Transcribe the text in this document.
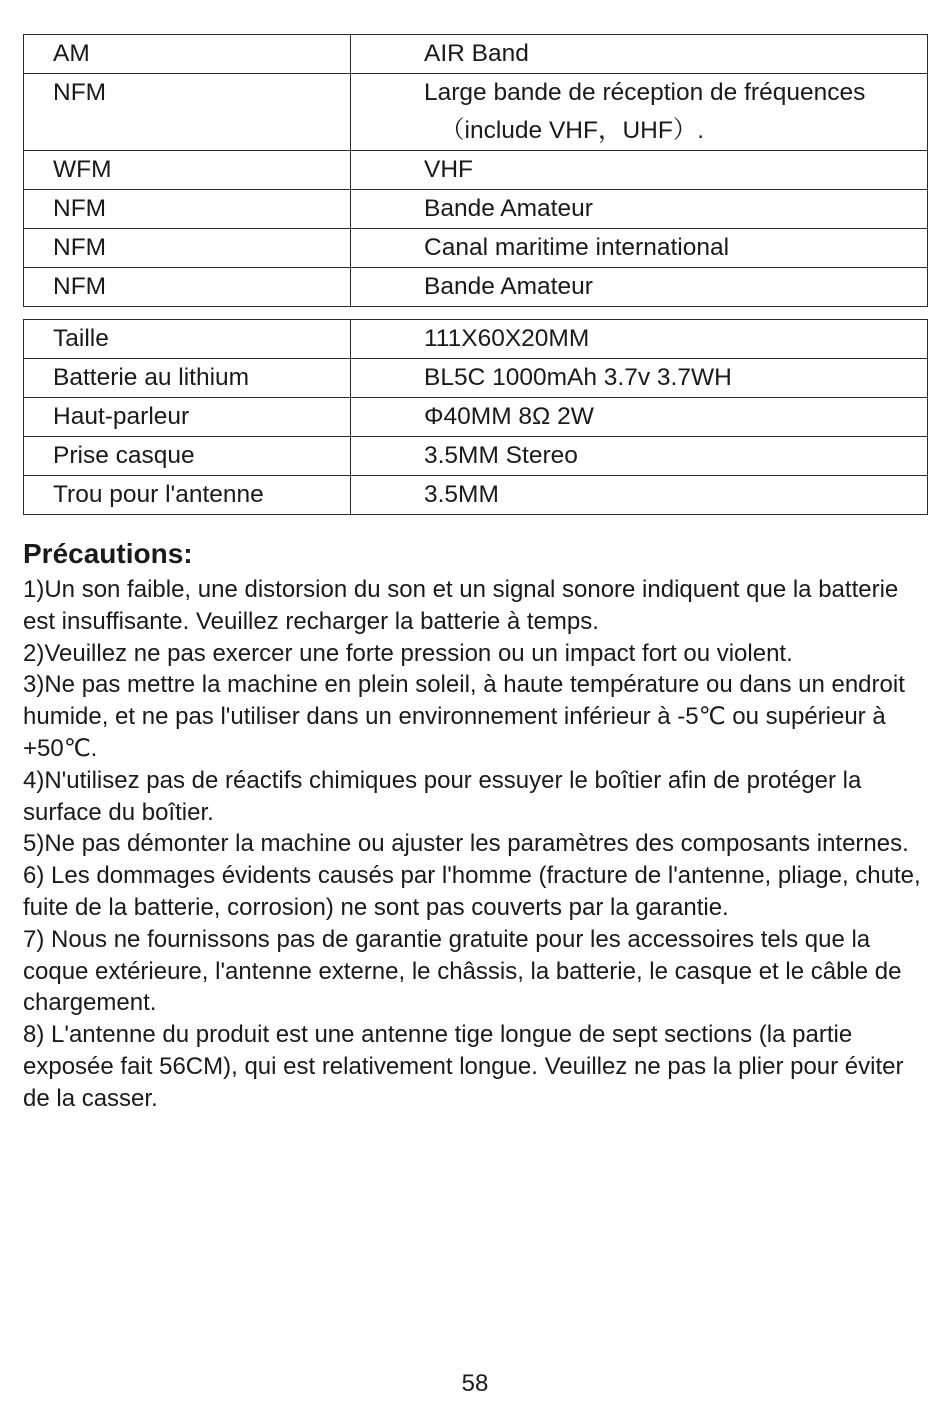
AM	AIR Band

NFM	Large bande de réception de fréquences
（include VHF，UHF）.

WFM	VHF

NFM	Bande Amateur

NFM	Canal maritime international

NFM	Bande Amateur
Taille	111X60X20MM

Batterie au lithium	BL5C 1000mAh 3.7v 3.7WH

Haut-parleur	Φ40MM 8Ω 2W

Prise casque	3.5MM Stereo

Trou pour l'antenne	3.5MM
Précautions:

1)Un son faible, une distorsion du son et un signal sonore indiquent que la batterie est insuffisante. Veuillez recharger la batterie à temps.

2)Veuillez ne pas exercer une forte pression ou un impact fort ou violent.

3)Ne pas mettre la machine en plein soleil, à haute température ou dans un endroit humide, et ne pas l'utiliser dans un environnement inférieur à -5℃ ou supérieur à +50℃.

4)N'utilisez pas de réactifs chimiques pour essuyer le boîtier afin de protéger la surface du boîtier.

5)Ne pas démonter la machine ou ajuster les paramètres des composants internes.

6) Les dommages évidents causés par l'homme (fracture de l'antenne, pliage, chute, fuite de la batterie, corrosion) ne sont pas couverts par la garantie.

7) Nous ne fournissons pas de garantie gratuite pour les accessoires tels que la coque extérieure, l'antenne externe, le châssis, la batterie, le casque et le câble de chargement.

8) L'antenne du produit est une antenne tige longue de sept sections (la partie exposée fait 56CM), qui est relativement longue. Veuillez ne pas la plier pour éviter de la casser.

58
